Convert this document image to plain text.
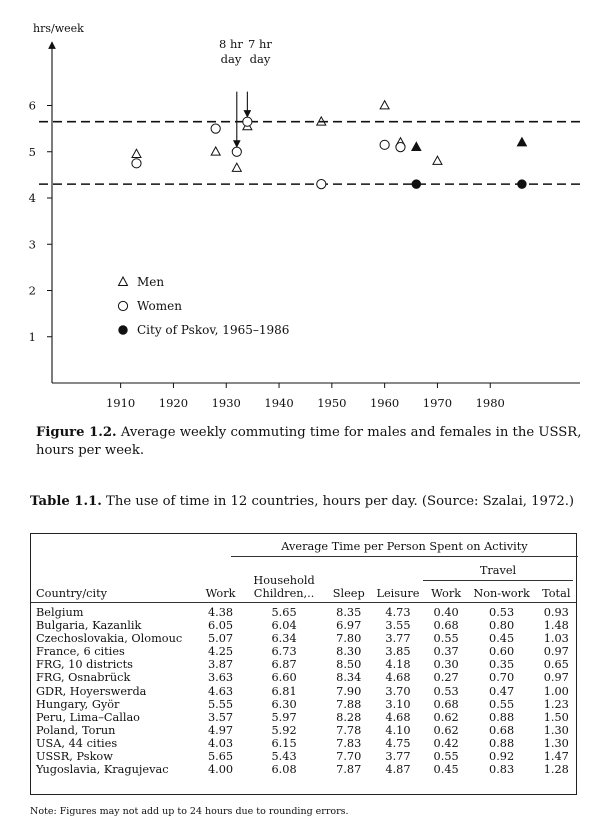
1910 1920 1930 1940 1950 1960 1970 1980
1
2
3
4
5
6
hrs/week
8 hr
day
7 hr
day
Men
Women
City of Pskov, 1965–1986
Figure 1.2. Average weekly commuting time for males and females in the USSR, hours per week.
Table 1.1. The use of time in 12 countries, hours per day. (Source: Szalai, 1972.)
Average Time per Person Spent on Activity
Travel
Country/city	Work	Household Children,..	Sleep	Leisure	Work	Non-work	Total
Belgium	4.38	5.65	8.35	4.73	0.40	0.53	0.93
Bulgaria, Kazanlik	6.05	6.04	6.97	3.55	0.68	0.80	1.48
Czechoslovakia, Olomouc	5.07	6.34	7.80	3.77	0.55	0.45	1.03
France, 6 cities	4.25	6.73	8.30	3.85	0.37	0.60	0.97
FRG, 10 districts	3.87	6.87	8.50	4.18	0.30	0.35	0.65
FRG, Osnabrück	3.63	6.60	8.34	4.68	0.27	0.70	0.97
GDR, Hoyerswerda	4.63	6.81	7.90	3.70	0.53	0.47	1.00
Hungary, Györ	5.55	6.30	7.88	3.10	0.68	0.55	1.23
Peru, Lima–Callao	3.57	5.97	8.28	4.68	0.62	0.88	1.50
Poland, Torun	4.97	5.92	7.78	4.10	0.62	0.68	1.30
USA, 44 cities	4.03	6.15	7.83	4.75	0.42	0.88	1.30
USSR, Pskow	5.65	5.43	7.70	3.77	0.55	0.92	1.47
Yugoslavia, Kragujevac	4.00	6.08	7.87	4.87	0.45	0.83	1.28
Note: Figures may not add up to 24 hours due to rounding errors.
